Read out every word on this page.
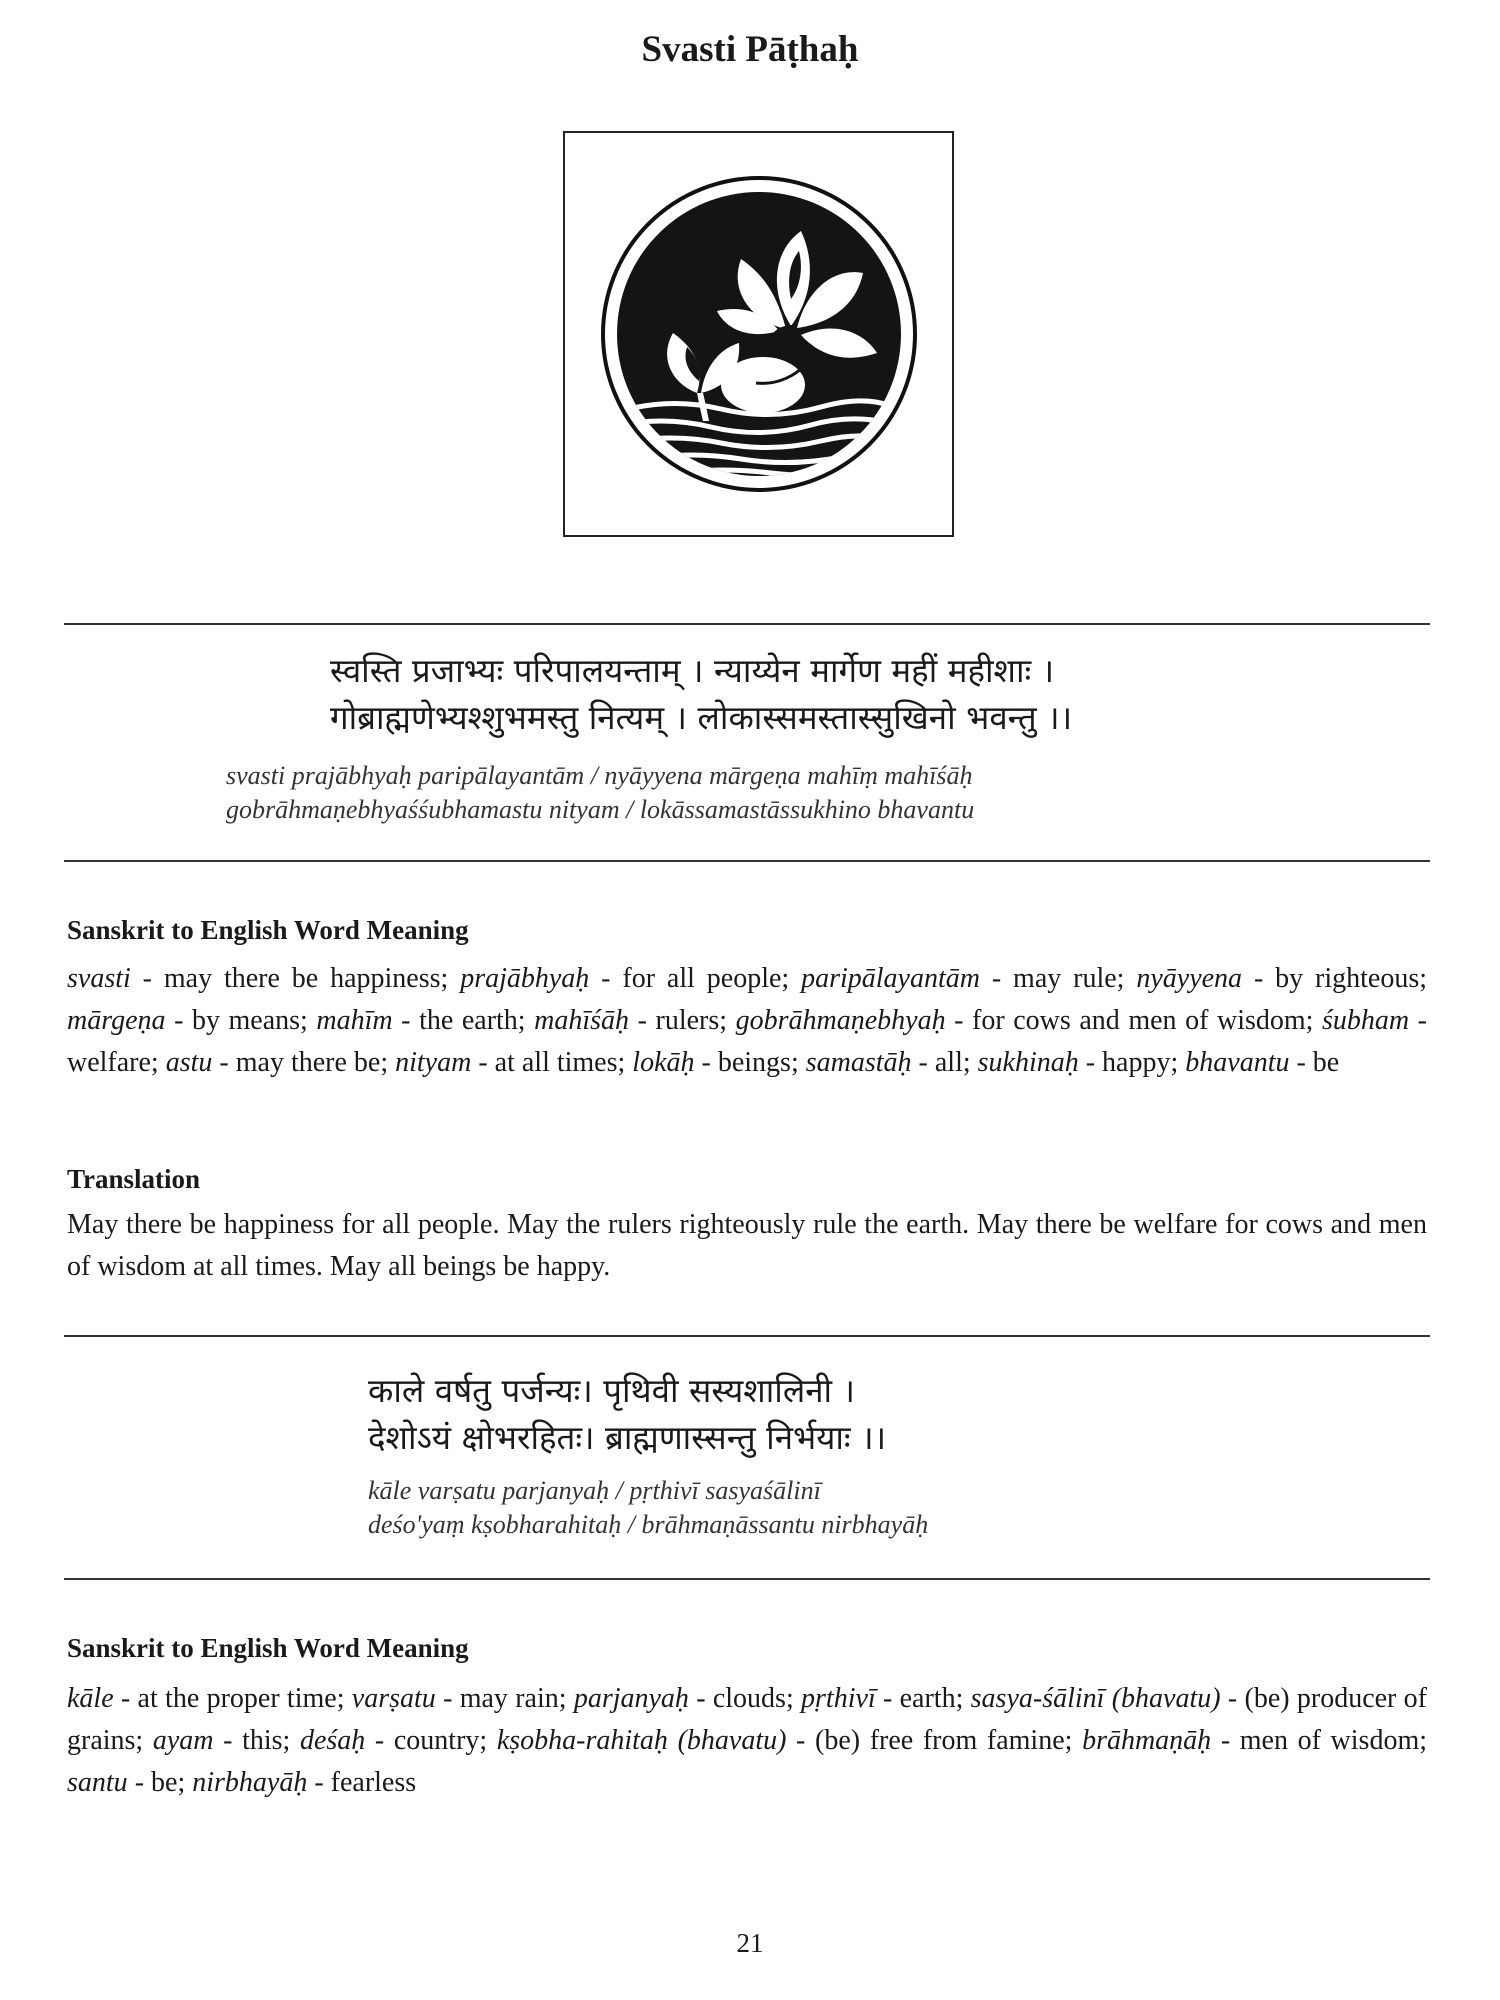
Svasti Pāṭhaḥ
स्वस्ति प्रजाभ्यः परिपालयन्ताम् । न्याय्येन मार्गेण महीं महीशाः ।
गोब्राह्मणेभ्यश्शुभमस्तु नित्यम् । लोकास्समस्तास्सुखिनो भवन्तु ।।
svasti prajābhyaḥ paripālayantām / nyāyyena mārgeṇa mahīṃ mahīśāḥ
gobrāhmaṇebhyaśśubhamastu nityam / lokāssamastāssukhino bhavantu
Sanskrit to English Word Meaning
svasti - may there be happiness; prajābhyaḥ - for all people; paripālayantām - may rule; nyāyyena - by righteous; mārgeṇa - by means; mahīm - the earth; mahīśāḥ - rulers; gobrāhmaṇebhyaḥ - for cows and men of wisdom; śubham - welfare; astu - may there be; nityam - at all times; lokāḥ - beings; samastāḥ - all; sukhinaḥ - happy; bhavantu - be
Translation
May there be happiness for all people. May the rulers righteously rule the earth. May there be welfare for cows and men of wisdom at all times. May all beings be happy.
काले वर्षतु पर्जन्यः। पृथिवी सस्यशालिनी ।
देशोऽयं क्षोभरहितः। ब्राह्मणास्सन्तु निर्भयाः ।।
kāle varṣatu parjanyaḥ / pṛthivī sasyaśālinī
deśo'yaṃ kṣobharahitaḥ / brāhmaṇāssantu nirbhayāḥ
Sanskrit to English Word Meaning
kāle - at the proper time; varṣatu - may rain; parjanyaḥ - clouds; pṛthivī - earth; sasya-śālinī (bhavatu) - (be) producer of grains; ayam - this; deśaḥ - country; kṣobha-rahitaḥ (bhavatu) - (be) free from famine; brāhmaṇāḥ - men of wisdom; santu - be; nirbhayāḥ - fearless
21
